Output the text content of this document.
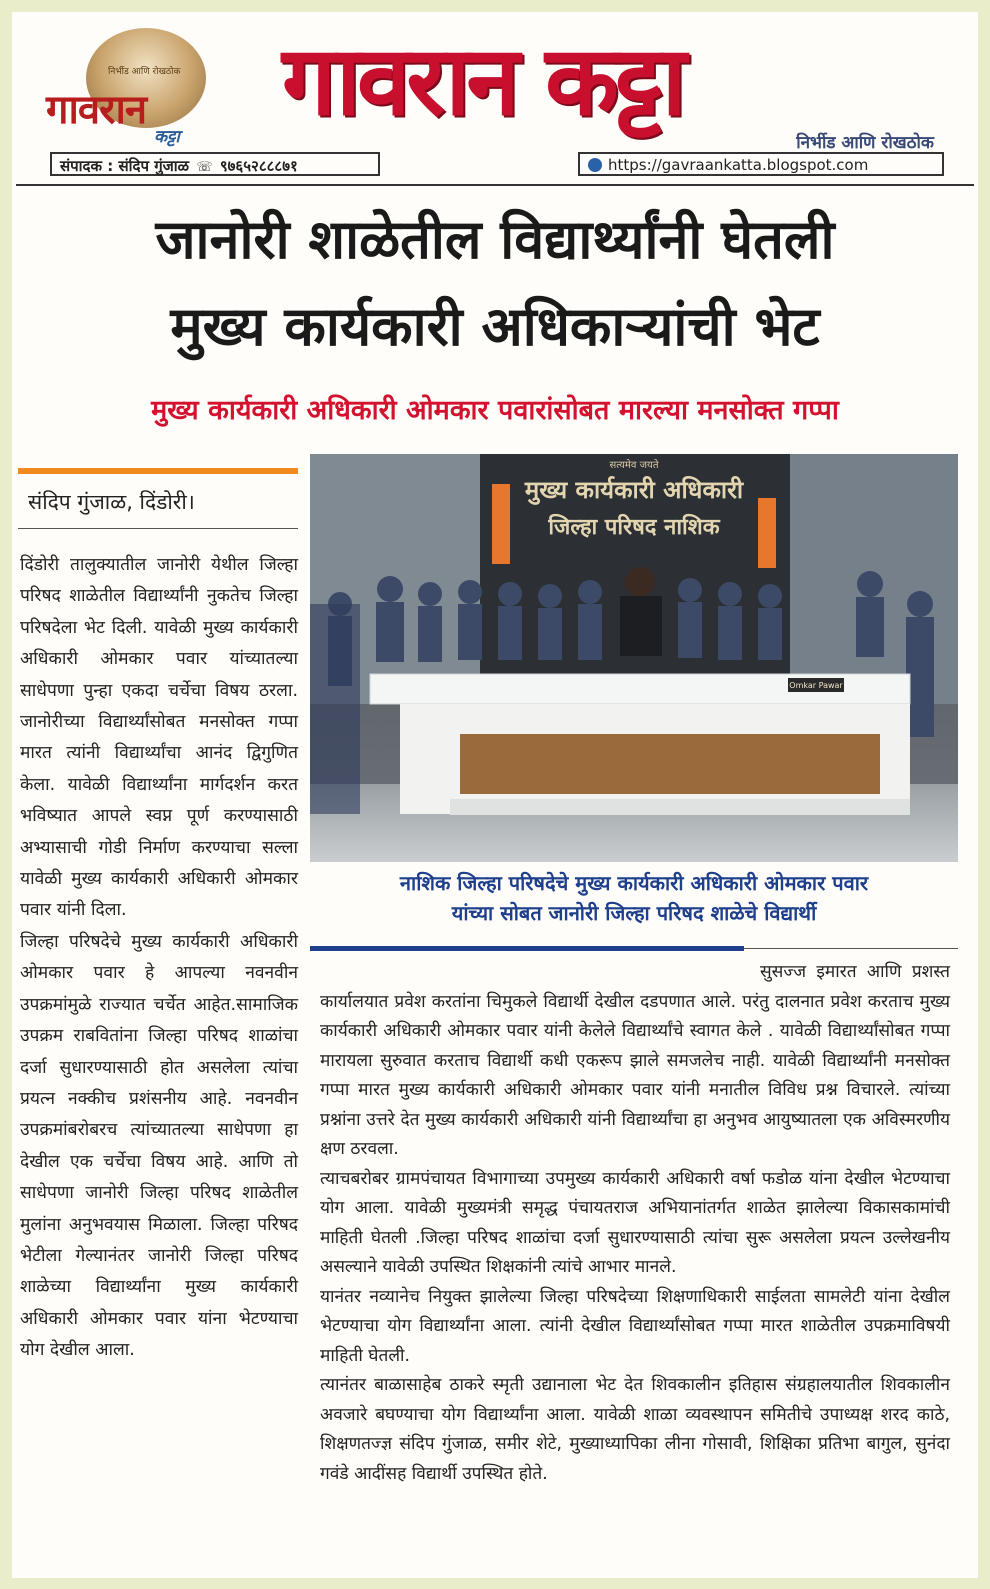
निर्भीड आणि रोखठोक
गावरान
कट्टा गावरान कट्टा
निर्भीड आणि रोखठोक
संपादक : संदिप गुंजाळ ☏ ९७६५२८८८७१	https://gavraankatta.blogspot.com
जानोरी शाळेतील विद्यार्थ्यांनी घेतली
मुख्य कार्यकारी अधिकाऱ्यांची भेट
मुख्य कार्यकारी अधिकारी ओमकार पवारांसोबत मारल्या मनसोक्त गप्पा
संदिप गुंजाळ, दिंडोरी।

दिंडोरी तालुक्यातील जानोरी येथील जिल्हा परिषद शाळेतील विद्यार्थ्यांनी नुकतेच जिल्हा परिषदेला भेट दिली. यावेळी मुख्य कार्यकारी अधिकारी ओमकार पवार यांच्यातल्या साधेपणा पुन्हा एकदा चर्चेचा विषय ठरला. जानोरीच्या विद्यार्थ्यांसोबत मनसोक्त गप्पा मारत त्यांनी विद्यार्थ्यांचा आनंद द्विगुणित केला. यावेळी विद्यार्थ्यांना मार्गदर्शन करत भविष्यात आपले स्वप्न पूर्ण करण्यासाठी अभ्यासाची गोडी निर्माण करण्याचा सल्ला यावेळी मुख्य कार्यकारी अधिकारी ओमकार पवार यांनी दिला.

जिल्हा परिषदेचे मुख्य कार्यकारी अधिकारी ओमकार पवार हे आपल्या नवनवीन उपक्रमांमुळे राज्यात चर्चेत आहेत.सामाजिक उपक्रम राबवितांना जिल्हा परिषद शाळांचा दर्जा सुधारण्यासाठी होत असलेला त्यांचा प्रयत्न नक्कीच प्रशंसनीय आहे. नवनवीन उपक्रमांबरोबरच त्यांच्यातल्या साधेपणा हा देखील एक चर्चेचा विषय आहे. आणि तो साधेपणा जानोरी जिल्हा परिषद शाळेतील मुलांना अनुभवयास मिळाला. जिल्हा परिषद भेटीला गेल्यानंतर जानोरी जिल्हा परिषद शाळेच्या विद्यार्थ्यांना मुख्य कार्यकारी अधिकारी ओमकार पवार यांना भेटण्याचा योग देखील आला.

सत्यमेव जयते
मुख्य कार्यकारी अधिकारी
जिल्हा परिषद नाशिक
Omkar Pawar
नाशिक जिल्हा परिषदेचे मुख्य कार्यकारी अधिकारी ओमकार पवार
यांच्या सोबत जानोरी जिल्हा परिषद शाळेचे विद्यार्थी

सुसज्ज इमारत आणि प्रशस्त कार्यालयात प्रवेश करतांना चिमुकले विद्यार्थी देखील दडपणात आले. परंतु दालनात प्रवेश करताच मुख्य कार्यकारी अधिकारी ओमकार पवार यांनी केलेले विद्यार्थ्यांचे स्वागत केले . यावेळी विद्यार्थ्यांसोबत गप्पा मारायला सुरुवात करताच विद्यार्थी कधी एकरूप झाले समजलेच नाही. यावेळी विद्यार्थ्यांनी मनसोक्त गप्पा मारत मुख्य कार्यकारी अधिकारी ओमकार पवार यांनी मनातील विविध प्रश्न विचारले. त्यांच्या प्रश्नांना उत्तरे देत मुख्य कार्यकारी अधिकारी यांनी विद्यार्थ्यांचा हा अनुभव आयुष्यातला एक अविस्मरणीय क्षण ठरवला.

त्याचबरोबर ग्रामपंचायत विभागाच्या उपमुख्य कार्यकारी अधिकारी वर्षा फडोळ यांना देखील भेटण्याचा योग आला. यावेळी मुख्यमंत्री समृद्ध पंचायतराज अभियानांतर्गत शाळेत झालेल्या विकासकामांची माहिती घेतली .जिल्हा परिषद शाळांचा दर्जा सुधारण्यासाठी त्यांचा सुरू असलेला प्रयत्न उल्लेखनीय असल्याने यावेळी उपस्थित शिक्षकांनी त्यांचे आभार मानले.

यानंतर नव्यानेच नियुक्त झालेल्या जिल्हा परिषदेच्या शिक्षणाधिकारी साईलता सामलेटी यांना देखील भेटण्याचा योग विद्यार्थ्यांना आला. त्यांनी देखील विद्यार्थ्यांसोबत गप्पा मारत शाळेतील उपक्रमाविषयी माहिती घेतली.

त्यानंतर बाळासाहेब ठाकरे स्मृती उद्यानाला भेट देत शिवकालीन इतिहास संग्रहालयातील शिवकालीन अवजारे बघण्याचा योग विद्यार्थ्यांना आला. यावेळी शाळा व्यवस्थापन समितीचे उपाध्यक्ष शरद काठे, शिक्षणतज्ज्ञ संदिप गुंजाळ, समीर शेटे, मुख्याध्यापिका लीना गोसावी, शिक्षिका प्रतिभा बागुल, सुनंदा गवंडे आदींसह विद्यार्थी उपस्थित होते.
